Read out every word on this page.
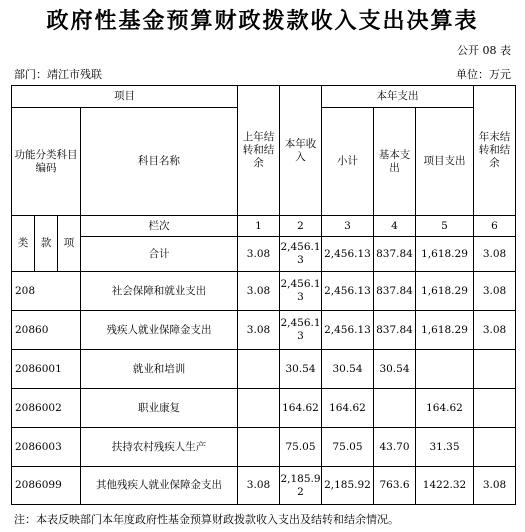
政府性基金预算财政拨款收入支出决算表
公开 08 表
部门：靖江市残联	单位：万元
项目				上年结转和结余	本年收入	本年支出			年末结转和结余
功能分类科目编码			科目名称			小计	基本支出	项目支出	
类	款	项	栏次	1	2	3	4	5	6
			合计	3.08	2,456.13	2,456.13	837.84	1,618.29	3.08
208			社会保障和就业支出	3.08	2,456.13	2,456.13	837.84	1,618.29	3.08
20860			残疾人就业保障金支出	3.08	2,456.13	2,456.13	837.84	1,618.29	3.08
2086001			就业和培训		30.54	30.54	30.54		
2086002			职业康复		164.62	164.62		164.62	
2086003			扶持农村残疾人生产		75.05	75.05	43.70	31.35	
2086099			其他残疾人就业保障金支出	3.08	2,185.92	2,185.92	763.6	1422.32	3.08
注：本表反映部门本年度政府性基金预算财政拨款收入支出及结转和结余情况。
